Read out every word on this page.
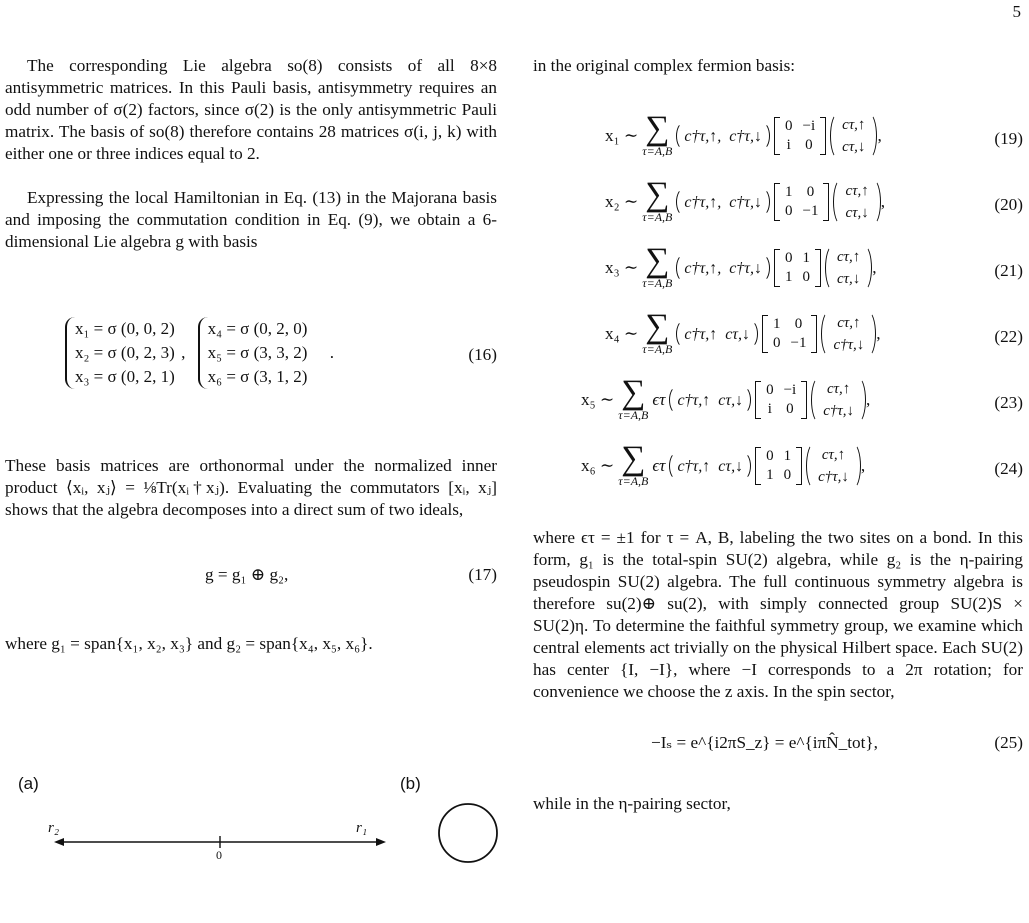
5

The corresponding Lie algebra so(8) consists of all 8×8 antisymmetric matrices. In this Pauli basis, antisymmetry requires an odd number of σ(2) factors, since σ(2) is the only antisymmetric Pauli matrix. The basis of so(8) therefore contains 28 matrices σ(i, j, k) with either one or three indices equal to 2.

Expressing the local Hamiltonian in Eq. (13) in the Majorana basis and imposing the commutation condition in Eq. (9), we obtain a 6-dimensional Lie algebra g with basis

x₁ = σ (0, 0, 2)
x₂ = σ (0, 2, 3)
x₃ = σ (0, 2, 1)
,
x₄ = σ (0, 2, 0)
x₅ = σ (3, 3, 2)
x₆ = σ (3, 1, 2)
.	(16)

These basis matrices are orthonormal under the normalized inner product ⟨xᵢ, xⱼ⟩ = ⅛Tr(xᵢ†xⱼ). Evaluating the commutators [xᵢ, xⱼ] shows that the algebra decomposes into a direct sum of two ideals,

g = g₁ ⊕ g₂,	(17)

where g₁ = span{x₁, x₂, x₃} and g₂ = span{x₄, x₅, x₆}.

(a)	(b)
r₂	r₁
0

in the original complex fermion basis:

x₁ ∼ ∑
τ=A,B
c†τ,↑, c†τ,↓
0	−i
i	0
cτ,↑
cτ,↓
,	(19)
x₂ ∼ ∑
τ=A,B
c†τ,↑, c†τ,↓
1	0
0	−1
cτ,↑
cτ,↓
,	(20)
x₃ ∼ ∑
τ=A,B
c†τ,↑, c†τ,↓
0	1
1	0
cτ,↑
cτ,↓
,	(21)
x₄ ∼ ∑
τ=A,B
c†τ,↑ cτ,↓
1	0
0	−1
cτ,↑
c†τ,↓
,	(22)
x₅ ∼ ∑
τ=A,B
ϵτ c†τ,↑ cτ,↓
0	−i
i	0
cτ,↑
c†τ,↓
,	(23)
x₆ ∼ ∑
τ=A,B
ϵτ c†τ,↑ cτ,↓
0	1
1	0
cτ,↑
c†τ,↓
,	(24)

where ϵτ = ±1 for τ = A, B, labeling the two sites on a bond. In this form, g₁ is the total-spin SU(2) algebra, while g₂ is the η-pairing pseudospin SU(2) algebra. The full continuous symmetry algebra is therefore su(2)⊕ su(2), with simply connected group SU(2)S × SU(2)η. To determine the faithful symmetry group, we examine which central elements act trivially on the physical Hilbert space. Each SU(2) has center {I, −I}, where −I corresponds to a 2π rotation; for convenience we choose the z axis. In the spin sector,

−Iₛ = e^{i2πS_z} = e^{iπN̂_tot},	(25)

while in the η-pairing sector,
